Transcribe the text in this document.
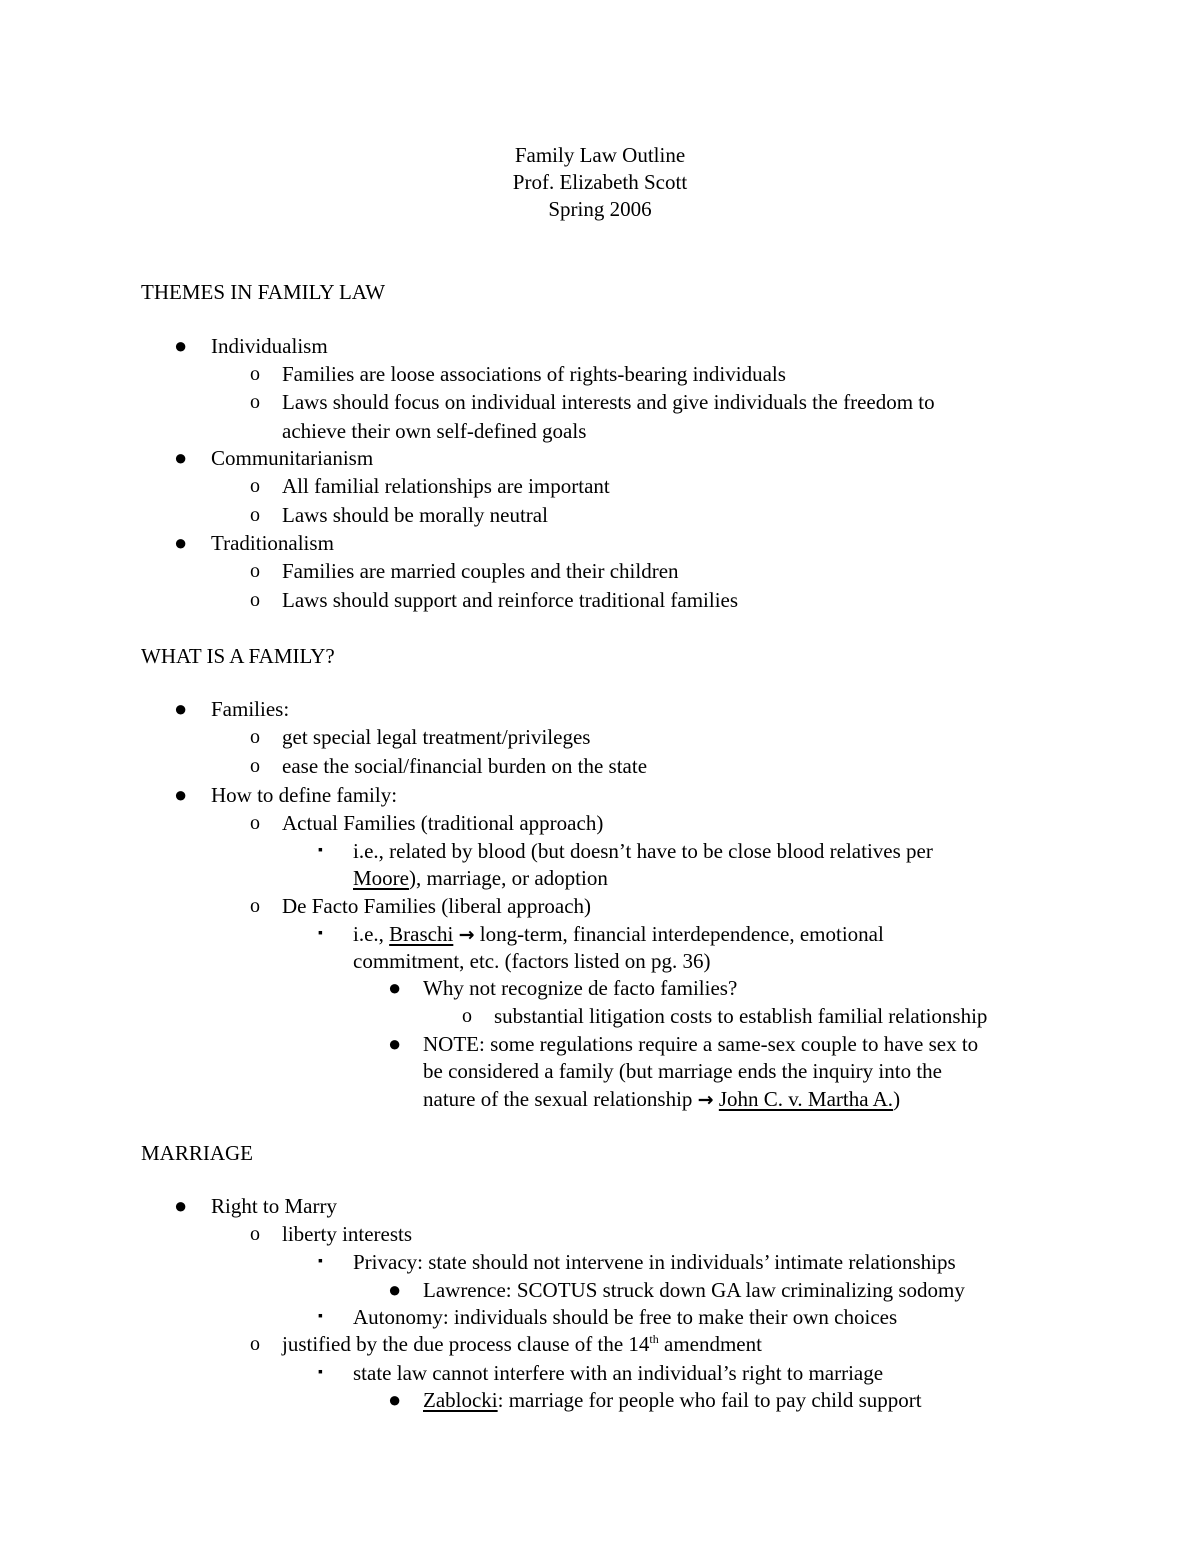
Family Law Outline
Prof. Elizabeth Scott
Spring 2006
THEMES IN FAMILY LAW
● Individualism
o Families are loose associations of rights-bearing individuals
o Laws should focus on individual interests and give individuals the freedom to
achieve their own self-defined goals
● Communitarianism
o All familial relationships are important
o Laws should be morally neutral
● Traditionalism
o Families are married couples and their children
o Laws should support and reinforce traditional families
WHAT IS A FAMILY?
● Families:
o get special legal treatment/privileges
o ease the social/financial burden on the state
● How to define family:
o Actual Families (traditional approach)
▪ i.e., related by blood (but doesn’t have to be close blood relatives per
Moore), marriage, or adoption
o De Facto Families (liberal approach)
▪ i.e., Braschi → long-term, financial interdependence, emotional
commitment, etc. (factors listed on pg. 36)
● Why not recognize de facto families?
o substantial litigation costs to establish familial relationship
● NOTE: some regulations require a same-sex couple to have sex to
be considered a family (but marriage ends the inquiry into the
nature of the sexual relationship → John C. v. Martha A.)
MARRIAGE
● Right to Marry
o liberty interests
▪ Privacy: state should not intervene in individuals’ intimate relationships
● Lawrence: SCOTUS struck down GA law criminalizing sodomy
▪ Autonomy: individuals should be free to make their own choices
o justified by the due process clause of the 14th amendment
▪ state law cannot interfere with an individual’s right to marriage
● Zablocki: marriage for people who fail to pay child support
